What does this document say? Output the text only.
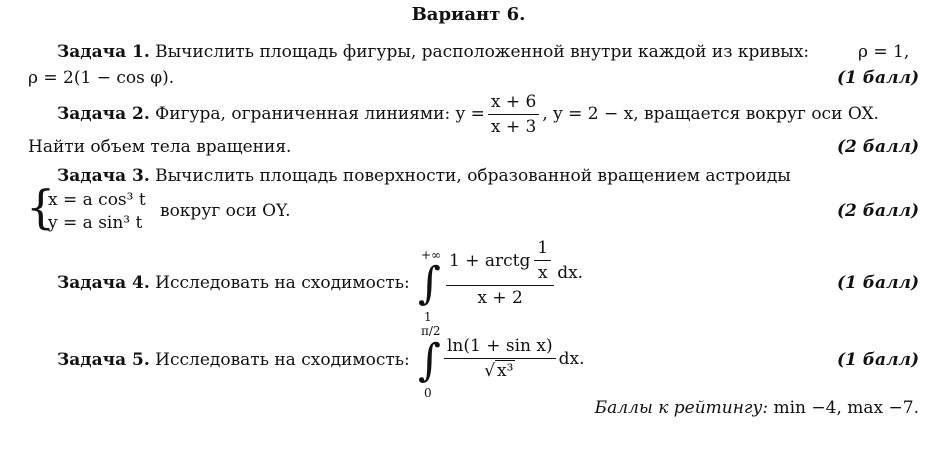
Вариант 6.
Задача 1. Вычислить площадь фигуры, расположенной внутри каждой из кривых:	ρ = 1,
ρ = 2(1 − cos φ).	(1 балл)
Задача 2.
Фигура, ограниченная линиями:
$y = \frac{x + 6}{x + 3}$ , y = 2 − x, вращается вокруг оси OX.
Найти объем тела вращения.	(2 балл)
Задача 3. Вычислить площадь поверхности, образованной вращением астроиды
{
x = a cos³ t
y = a sin³ t
вокруг оси OY.	(2 балл)
Задача 4. Исследовать на сходимость:
+∞
∫
1
$\frac{1 + arctg \frac{1}{x}}{x + 2}$ dx.	(1 балл)
Задача 5. Исследовать на сходимость:
π/2
∫
0
$\frac{\text{ln(1 + sin x)}}{\text{√ x³}}$ dx.	(1 балл)
Баллы к рейтингу: min −4, max −7.
